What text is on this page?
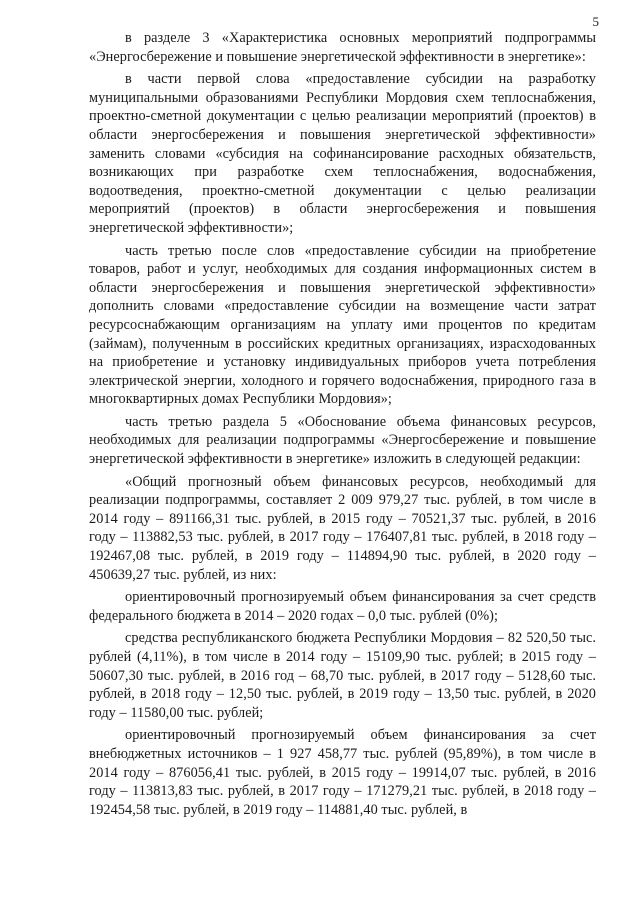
5

в разделе 3 «Характеристика основных мероприятий подпрограммы «Энергосбережение и повышение энергетической эффективности в энергетике»:

в части первой слова «предоставление субсидии на разработку муниципальными образованиями Республики Мордовия схем теплоснабжения, проектно-сметной документации с целью реализации мероприятий (проектов) в области энергосбережения и повышения энергетической эффективности» заменить словами «субсидия на софинансирование расходных обязательств, возникающих при разработке схем теплоснабжения, водоснабжения, водоотведения, проектно-сметной документации с целью реализации мероприятий (проектов) в области энергосбережения и повышения энергетической эффективности»;

часть третью после слов «предоставление субсидии на приобретение товаров, работ и услуг, необходимых для создания информационных систем в области энергосбережения и повышения энергетической эффективности» дополнить словами «предоставление субсидии на возмещение части затрат ресурсоснабжающим организациям на уплату ими процентов по кредитам (займам), полученным в российских кредитных организациях, израсходованных на приобретение и установку индивидуальных приборов учета потребления электрической энергии, холодного и горячего водоснабжения, природного газа в многоквартирных домах Республики Мордовия»;

часть третью раздела 5 «Обоснование объема финансовых ресурсов, необходимых для реализации подпрограммы «Энергосбережение и повышение энергетической эффективности в энергетике» изложить в следующей редакции:

«Общий прогнозный объем финансовых ресурсов, необходимый для реализации подпрограммы, составляет 2 009 979,27 тыс. рублей, в том числе в 2014 году – 891166,31 тыс. рублей, в 2015 году – 70521,37 тыс. рублей, в 2016 году – 113882,53 тыс. рублей, в 2017 году – 176407,81 тыс. рублей, в 2018 году – 192467,08 тыс. рублей, в 2019 году – 114894,90 тыс. рублей, в 2020 году – 450639,27 тыс. рублей, из них:

ориентировочный прогнозируемый объем финансирования за счет средств федерального бюджета в 2014 – 2020 годах – 0,0 тыс. рублей (0%);

средства республиканского бюджета Республики Мордовия – 82 520,50 тыс. рублей (4,11%), в том числе в 2014 году – 15109,90 тыс. рублей; в 2015 году – 50607,30 тыс. рублей, в 2016 год – 68,70 тыс. рублей, в 2017 году – 5128,60 тыс. рублей, в 2018 году – 12,50 тыс. рублей, в 2019 году – 13,50 тыс. рублей, в 2020 году – 11580,00 тыс. рублей;

ориентировочный прогнозируемый объем финансирования за счет внебюджетных источников – 1 927 458,77 тыс. рублей (95,89%), в том числе в 2014 году – 876056,41 тыс. рублей, в 2015 году – 19914,07 тыс. рублей, в 2016 году – 113813,83 тыс. рублей, в 2017 году – 171279,21 тыс. рублей, в 2018 году – 192454,58 тыс. рублей, в 2019 году – 114881,40 тыс. рублей, в
